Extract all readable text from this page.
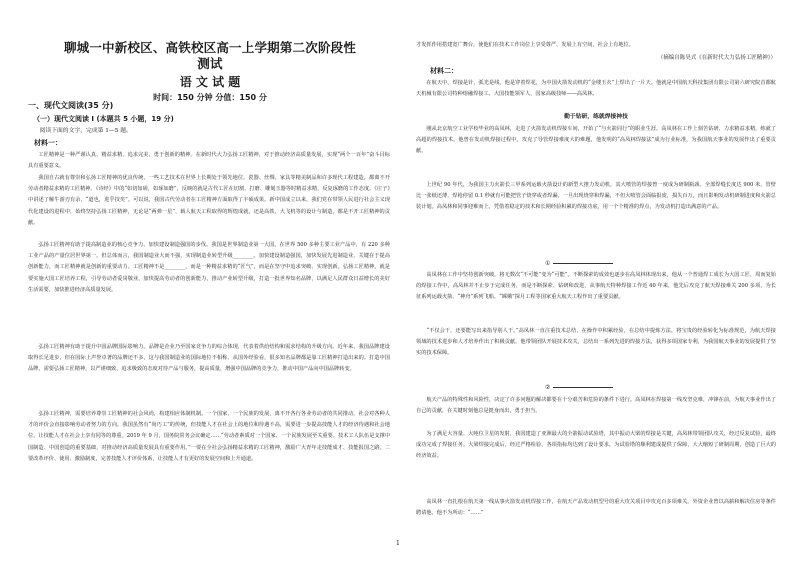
聊城一中新校区、高铁校区高一上学期第二次阶段性测试
语 文 试 题
时间：150 分钟 分值：150 分
一、现代文阅读(35 分)
（一）现代文阅读 I (本题共 5 小题，19 分)
阅读下面的文字，完成第 1—5 题。
材料一：

工匠精神是一种严谨认真、精益求精、追求完美、勇于创新的精神。在新时代大力弘扬工匠精神，对于推动经济高质量发展，实现“两个一百年”奋斗目标具有重要意义。

我国自古就有尊崇和弘扬工匠精神的优良传统，一些工艺技术在世界上长期处于领先地位。瓷器、丝绸、家具等精美制品和许多现代工程建造，都离不开劳动者精益求精的工匠精神。《诗经》中的“如切如磋，如琢如磨”，反映的就是古代工匠在切割、打磨、雕刻玉器等时精益求精、反复琢磨的工作态度。《庄子》中讲述了解牛游刃有余，“道也，进乎技矣”。可以说，我国古代劳动者在工匠精神方面取得了丰硕成果。新中国成立以来，我们党在带领人民进行社会主义现代化建设的进程中，始终坚持弘扬工匠精神，无论是“两弹一星”、载人航天工程取得的辉煌成就，还是高铁、大飞机等的设计与制造，都是不开工匠精神的贡献。

弘扬工匠精神有助于提高制造业的核心竞争力、加快建设制造强国的步伐。我国是世界制造业第一大国，在世界 500 多种主要工业产品中，有 220 多种工业产品的产量位居世界第一。但总体而言，我国制造业大而不强，实现制造业转型升级________。加快建设制造强国，加快发展先进制造业，关键在于提高创新能力，而工匠精神就是创新的重要动力。工匠精神不是________，而是一种精益求精的“匠气”，而是在坚守中追求突破、实现创新。弘扬工匠精神，就是要实施大国工匠培养工程，引导劳动者爱岗敬业，加快提高劳动者的创新能力，推动产业转型升级，打造一批世界知名品牌，以满足人民群众日益增长的美好生活需要，加快推进经济高质量发展。

弘扬工匠精神有助于提升中国品牌国际影响力。品牌是企业乃至国家竞争力的综合体现，代表着供给结构和需求结构的升级方向。近年来，我国品牌建设取得长足进步，但在国际上声誉卓著的品牌还不多，这与我国制造业的国际地位不相称。从国外经验看，很多知名品牌都是靠工匠精神打造出来的。打造中国品牌，需要弘扬工匠精神，以严谨细致、追求极致的态度对待产品与服务，提高质量，增强中国品牌的竞争力，推动中国产品向中国品牌转变。

弘扬工匠精神，需要培养尊崇工匠精神的社会风尚，构建相应体制机制。一个国家、一个民族的发展，离不开各行各业劳动者的共同推动。社会对各种人才的评价会直接影响劳动者努力的方向。我国虽然有“尚巧工”的传统，但技能人才在社会上的地位和待遇不高，需要进一步提高技能人才的经济待遇和社会地位，让技能人才在社会上享有同等的尊重。2019 年 9 月，国务院常务会议确定……“劳动者素质对一个国家、一个民族发展至关重要。技术工人队伍是支撑中国制造、中国创造的重要基础，对推动经济高质量发展具有重要作用。”一要在全社会弘扬精益求精的工匠精神，激励广大青年走技能成才、技能报国之路。二要改革评价、使用、激励制度，完善技能人才评价体系，让技能人才有更好的发展空间和上升通道。

才发挥作用搭建宽广舞台，使他们在技术工作岗位上享受尊严、发展上有空间，社会上有地位。

（摘编自陈昊式《在新时代大力弘扬工匠精神》）
材料二：

在航天中，焊接是针，弧光是线，他是穿着焊花，为中国火箭发动机的“金缕玉衣”上焊出了一片天。他就是中国航天科技集团有限公司第六研究院首都航天机械有限公司特种熔融焊接工、大国技能领军人、国家高级技师——高凤林。

勤于钻研，练就焊接神技

刚从北京航空工业学校毕业的高凤林，走进了火箭发动机焊接车间，开始了“与火箭同行”的职业生涯。高凤林在工作上刻苦钻研、力求精益求精，练就了高超的焊接技术。他曾在发动机焊接过程中，攻克了导管焊接难度大的难题，他发明的“高凤林焊接法”成为行业标准，为我国航天事业的发展作出了重要贡献。

上世纪 90 年代，为我国主力火箭长三甲系列运载火箭设计的新型大推力发动机，其大喷管的焊接曾一度成为研制瓶颈。全部焊缝长度达 900 米，管壁比一张纸还薄，焊枪停留 0.1 秒就有可能把管子烧穿或者焊漏，一旦出现烧穿和焊漏，不但大喷管会面临报废，损失百万，而且影响发动机研制进度和火箭总装计划。高凤林和同事迎难而上，凭借着稳定的技术和长期经验积累的焊接功底，用一个个精准的焊点，为发动机打造出满意的产品。

①

高凤林在工作中坚持创新突破，将无数次“不可能”变为“可能”。不断探索的成效也逐步在高凤林体现出来，他从一个普通焊工成长为大国工匠，周而复始的焊接工作中，高凤林并不止步于完成任务，而是不断探索、钻研和改进，从事航天特种焊接工作近 40 年来，他先后攻克了航天焊接难关 200 多项，为长征系列运载火箭、“神舟”系列飞船、“嫦娥”探月工程等国家重大航天工程作出了重要贡献。

“不仅会干，还要能写出来指导别人干。”高凤林一直注重技术总结，在操作中积累经验，在总结中提炼方法，将宝贵的经验转化为标准规范，为航天焊接领域的技术进步和人才培养作出了积极贡献。他带领团队开展技术攻关，总结出一系列先进的焊接方法，获得多项国家专利，为我国航天事业的发展提供了坚实的技术保障。

②

航天产品的特殊性和风险性，决定了许多问题的解决都要在十分艰苦和危险的条件下进行。高凤林在焊接第一线攻坚克难，冲锋在前，为航天事业作出了自己的贡献，在关键时刻他总是挺身而出，勇于担当。

为了满足大容量、大吨位卫星的发射，我国建造了亚洲最大的全箭振动试验塔，其中振动大梁的焊接是关键，高凤林带领团队攻关，经过反复试验，最终成功完成了焊接任务。大梁焊接完成后，经过严格检验，各项指标均达到了设计要求，为试验塔的顺利建成提供了保障，大大缩短了研制周期，创造了巨大的经济效益。

高凤林一直扎根在航天第一线从事火箭发动机焊接工作，在航天产品发动机型号的重大攻关项目中攻克百多项难关。外资企业曾以高薪和解决住房等条件聘请他，他不为所动：“……”

1
